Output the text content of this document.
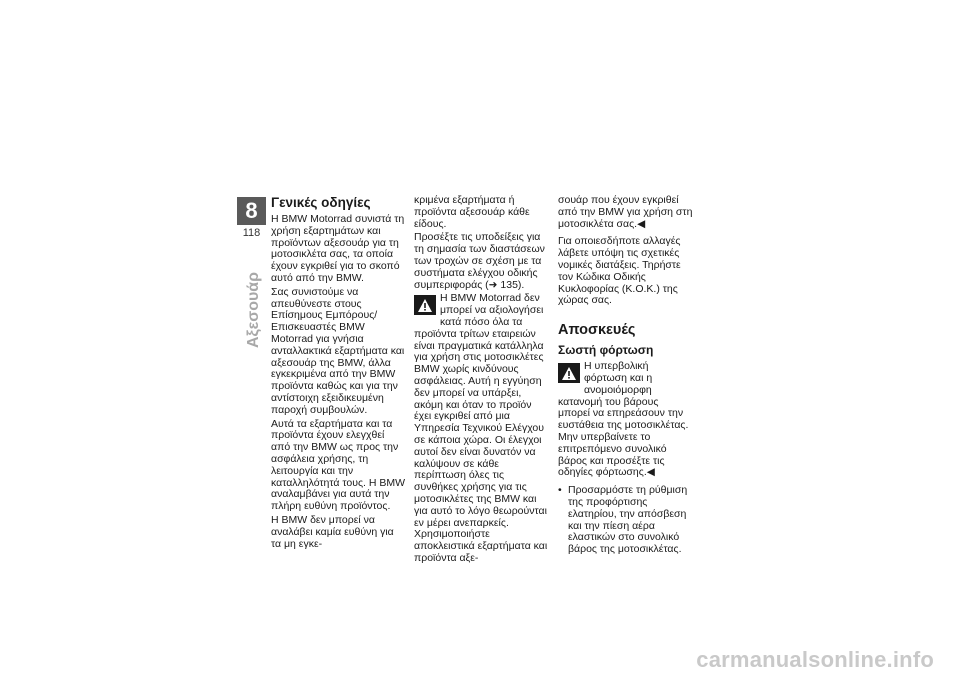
8
118
Αξεσουάρ
Γενικές οδηγίες

Η BMW Motorrad συνιστά τη χρήση εξαρτημάτων και προϊόντων αξεσουάρ για τη μοτοσικλέτα σας, τα οποία έχουν εγκριθεί για το σκοπό αυτό από την BMW.

Σας συνιστούμε να απευθύνεστε στους Επίσημους Εμπόρους/Επισκευαστές BMW Motorrad για γνήσια ανταλλακτικά εξαρτήματα και αξεσουάρ της BMW, άλλα εγκεκριμένα από την BMW προϊόντα καθώς και για την αντίστοιχη εξειδικευμένη παροχή συμβουλών.

Αυτά τα εξαρτήματα και τα προϊόντα έχουν ελεγχθεί από την BMW ως προς την ασφάλεια χρήσης, τη λειτουργία και την καταλληλότητά τους. Η BMW αναλαμβάνει για αυτά την πλήρη ευθύνη προϊόντος.

Η BMW δεν μπορεί να αναλάβει καμία ευθύνη για τα μη εγκε-

κριμένα εξαρτήματα ή προϊόντα αξεσουάρ κάθε είδους.

Προσέξτε τις υποδείξεις για τη σημασία των διαστάσεων των τροχών σε σχέση με τα συστήματα ελέγχου οδικής συμπεριφοράς (➜ 135).

Η BMW Motorrad δεν μπορεί να αξιολογήσει κατά πόσο όλα τα προϊόντα τρίτων εταιρειών είναι πραγματικά κατάλληλα για χρήση στις μοτοσικλέτες BMW χωρίς κινδύνους ασφάλειας. Αυτή η εγγύηση δεν μπορεί να υπάρξει, ακόμη και όταν το προϊόν έχει εγκριθεί από μια Υπηρεσία Τεχνικού Ελέγχου σε κάποια χώρα. Οι έλεγχοι αυτοί δεν είναι δυνατόν να καλύψουν σε κάθε περίπτωση όλες τις συνθήκες χρήσης για τις μοτοσικλέτες της BMW και για αυτό το λόγο θεωρούνται εν μέρει ανεπαρκείς.

Χρησιμοποιήστε αποκλειστικά εξαρτήματα και προϊόντα αξε-

σουάρ που έχουν εγκριθεί από την BMW για χρήση στη μοτοσικλέτα σας.◀

Για οποιεσδήποτε αλλαγές λάβετε υπόψη τις σχετικές νομικές διατάξεις. Τηρήστε τον Κώδικα Οδικής Κυκλοφορίας (Κ.Ο.Κ.) της χώρας σας.

Αποσκευές
Σωστή φόρτωση
Η υπερβολική φόρτωση και η ανομοιόμορφη κατανομή του βάρους μπορεί να επηρεάσουν την ευστάθεια της μοτοσικλέτας.

Μην υπερβαίνετε το επιτρεπόμενο συνολικό βάρος και προσέξτε τις οδηγίες φόρτωσης.◀

• Προσαρμόστε τη ρύθμιση της προφόρτισης ελατηρίου, την απόσβεση και την πίεση αέρα ελαστικών στο συνολικό βάρος της μοτοσικλέτας.
carmanualsonline.info
